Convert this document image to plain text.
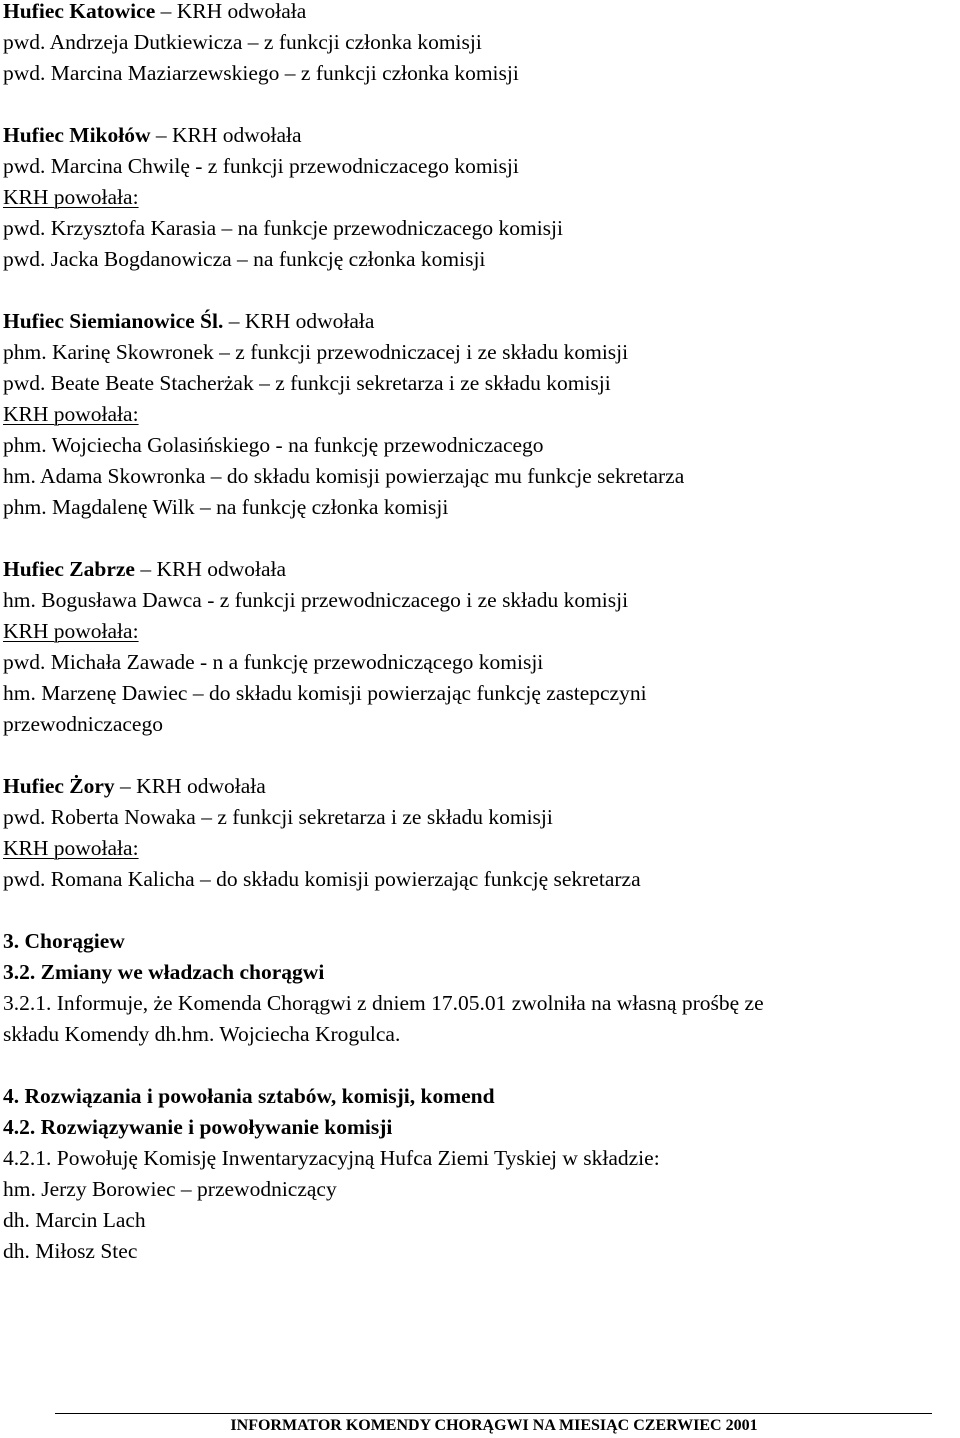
Hufiec Katowice – KRH odwołała
pwd. Andrzeja Dutkiewicza – z funkcji członka komisji
pwd. Marcina Maziarzewskiego – z funkcji członka komisji
Hufiec Mikołów – KRH odwołała
pwd. Marcina Chwilę - z funkcji przewodniczacego komisji
KRH powołała:
pwd. Krzysztofa Karasia – na funkcje przewodniczacego komisji
pwd. Jacka Bogdanowicza – na funkcję członka komisji
Hufiec Siemianowice Śl. – KRH odwołała
phm. Karinę Skowronek – z funkcji przewodniczacej i ze składu komisji
pwd. Beate Beate Stacherżak – z funkcji sekretarza i ze składu komisji
KRH powołała:
phm. Wojciecha Golasińskiego - na funkcję przewodniczacego
hm. Adama Skowronka – do składu komisji powierzając mu funkcje sekretarza
phm. Magdalenę Wilk – na funkcję członka komisji
Hufiec Zabrze – KRH odwołała
hm. Bogusława Dawca - z funkcji przewodniczacego i ze składu komisji
KRH powołała:
pwd. Michała Zawade - n a funkcję przewodniczącego komisji
hm. Marzenę Dawiec – do składu komisji powierzając funkcję zastepczyni
przewodniczacego
Hufiec Żory – KRH odwołała
pwd. Roberta Nowaka – z funkcji sekretarza i ze składu komisji
KRH powołała:
pwd. Romana Kalicha – do składu komisji powierzając funkcję sekretarza
3. Chorągiew
3.2. Zmiany we władzach chorągwi
3.2.1. Informuje, że Komenda Chorągwi z dniem 17.05.01 zwolniła na własną prośbę ze
składu Komendy dh.hm. Wojciecha Krogulca.
4. Rozwiązania i powołania sztabów, komisji, komend
4.2. Rozwiązywanie i powoływanie komisji
4.2.1. Powołuję Komisję Inwentaryzacyjną Hufca Ziemi Tyskiej w składzie:
hm. Jerzy Borowiec – przewodniczący
dh. Marcin Lach
dh. Miłosz Stec
INFORMATOR KOMENDY CHORĄGWI NA MIESIĄC CZERWIEC 2001
